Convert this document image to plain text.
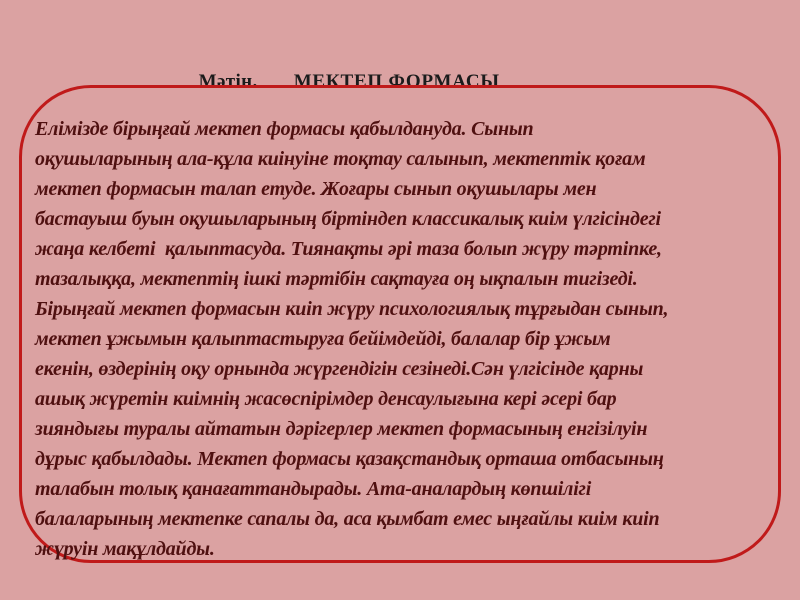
Мәтін. МЕКТЕП ФОРМАСЫ

Елімізде бірыңғай мектеп формасы қабылдануда. Сынып
оқушыларының ала-құла киінуіне тоқтау салынып, мектептік қоғам
мектеп формасын талап етуде. Жоғары сынып оқушылары мен
бастауыш буын оқушыларының біртіндеп классикалық киім үлгісіндегі
жаңа келбеті  қалыптасуда. Тиянақты әрі таза болып жүру тәртіпке,
тазалыққа, мектептің ішкі тәртібін сақтауға оң ықпалын тигізеді.
Бірыңғай мектеп формасын киіп жүру психологиялық тұрғыдан сынып,
мектеп ұжымын қалыптастыруға бейімдейді, балалар бір ұжым
екенін, өздерінің оқу орнында жүргендігін сезінеді.Сән үлгісінде қарны
ашық жүретін киімнің жасөспірімдер денсаулығына кері әсері бар
зияндығы туралы айтатын дәрігерлер мектеп формасының енгізілуін
дұрыс қабылдады. Мектеп формасы қазақстандық орташа отбасының
талабын толық қанағаттандырады. Ата-аналардың көпшілігі
балаларының мектепке сапалы да, аса қымбат емес ыңғайлы киім киіп
жүруін мақұлдайды.
